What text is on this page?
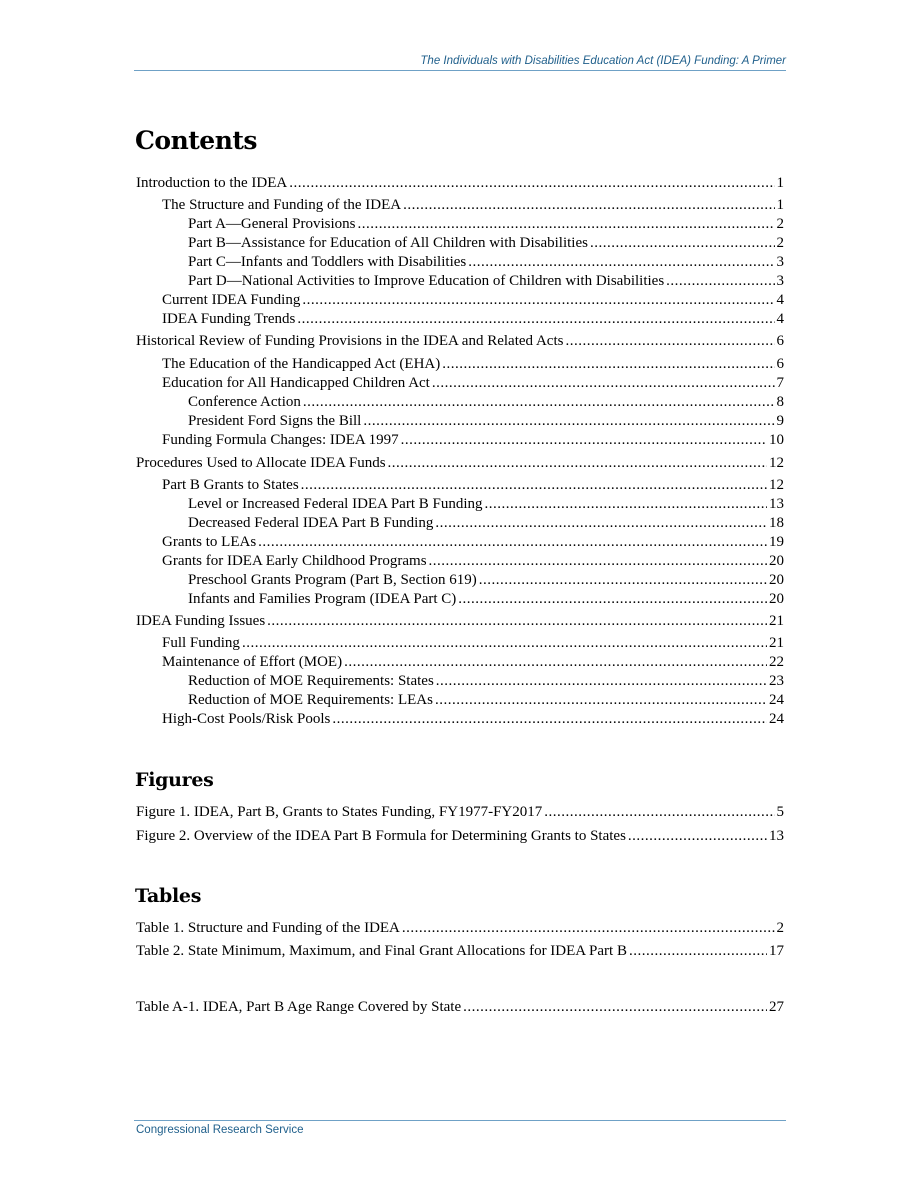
The Individuals with Disabilities Education Act (IDEA) Funding: A Primer
Contents
Introduction to the IDEA .....	1
The Structure and Funding of the IDEA .....	1
Part A—General Provisions .....	2
Part B—Assistance for Education of All Children with Disabilities .....	2
Part C—Infants and Toddlers with Disabilities .....	3
Part D—National Activities to Improve Education of Children with Disabilities .....	3
Current IDEA Funding .....	4
IDEA Funding Trends .....	4
Historical Review of Funding Provisions in the IDEA and Related Acts .....	6
The Education of the Handicapped Act (EHA) .....	6
Education for All Handicapped Children Act .....	7
Conference Action .....	8
President Ford Signs the Bill .....	9
Funding Formula Changes: IDEA 1997 .....	10
Procedures Used to Allocate IDEA Funds .....	12
Part B Grants to States .....	12
Level or Increased Federal IDEA Part B Funding .....	13
Decreased Federal IDEA Part B Funding .....	18
Grants to LEAs .....	19
Grants for IDEA Early Childhood Programs .....	20
Preschool Grants Program (Part B, Section 619) .....	20
Infants and Families Program (IDEA Part C) .....	20
IDEA Funding Issues .....	21
Full Funding .....	21
Maintenance of Effort (MOE) .....	22
Reduction of MOE Requirements: States .....	23
Reduction of MOE Requirements: LEAs .....	24
High-Cost Pools/Risk Pools .....	24
Figures
Figure 1. IDEA, Part B, Grants to States Funding, FY1977-FY2017 .....	5
Figure 2. Overview of the IDEA Part B Formula for Determining Grants to States .....	13
Tables
Table 1. Structure and Funding of the IDEA .....	2
Table 2. State Minimum, Maximum, and Final Grant Allocations for IDEA Part B .....	17
Table A-1. IDEA, Part B Age Range Covered by State .....	27
Congressional Research Service
